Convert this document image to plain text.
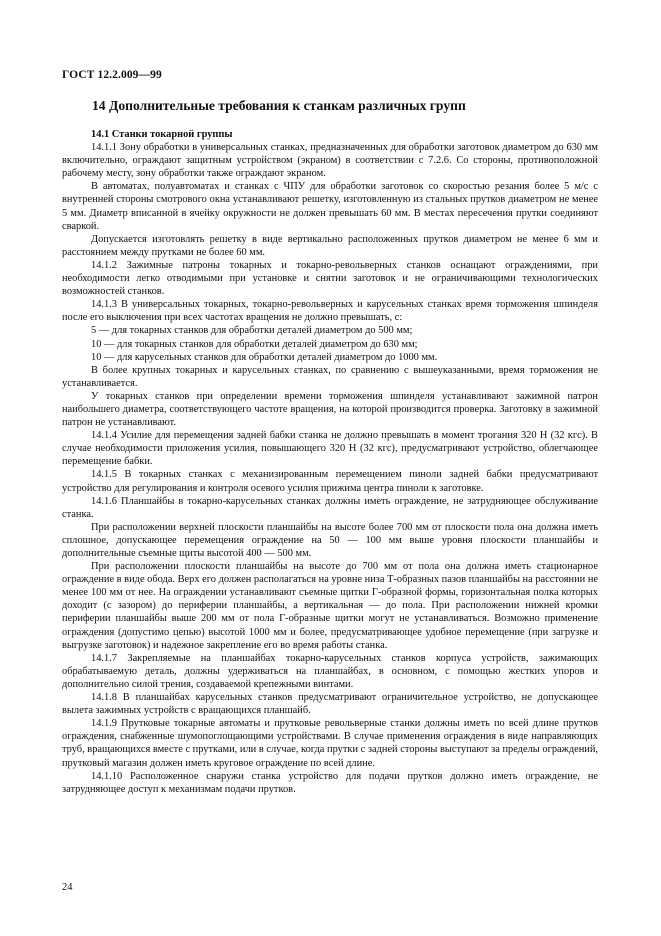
ГОСТ 12.2.009—99
14 Дополнительные требования к станкам различных групп
14.1 Станки токарной группы

14.1.1 Зону обработки в универсальных станках, предназначенных для обработки заготовок диаметром до 630 мм включительно, ограждают защитным устройством (экраном) в соответствии с 7.2.6. Со стороны, противоположной рабочему месту, зону обработки также ограждают экраном.

В автоматах, полуавтоматах и станках с ЧПУ для обработки заготовок со скоростью резания более 5 м/с с внутренней стороны смотрового окна устанавливают решетку, изготовленную из стальных прутков диаметром не менее 5 мм. Диаметр вписанной в ячейку окружности не должен превышать 60 мм. В местах пересечения прутки соединяют сваркой.

Допускается изготовлять решетку в виде вертикально расположенных прутков диаметром не менее 6 мм и расстоянием между прутками не более 60 мм.

14.1.2 Зажимные патроны токарных и токарно-револьверных станков оснащают ограждениями, при необходимости легко отводимыми при установке и снятии заготовок и не ограничивающими технологических возможностей станков.

14.1.3 В универсальных токарных, токарно-револьверных и карусельных станках время торможения шпинделя после его выключения при всех частотах вращения не должно превышать, с:

5 — для токарных станков для обработки деталей диаметром до 500 мм;

10 — для токарных станков для обработки деталей диаметром до 630 мм;

10 — для карусельных станков для обработки деталей диаметром до 1000 мм.

В более крупных токарных и карусельных станках, по сравнению с вышеуказанными, время торможения не устанавливается.

У токарных станков при определении времени торможения шпинделя устанавливают зажимной патрон наибольшего диаметра, соответствующего частоте вращения, на которой производится проверка. Заготовку в зажимной патрон не устанавливают.

14.1.4 Усилие для перемещения задней бабки станка не должно превышать в момент трогания 320 Н (32 кгс). В случае необходимости приложения усилия, повышающего 320 Н (32 кгс), предусматривают устройство, облегчающее перемещение бабки.

14.1.5 В токарных станках с механизированным перемещением пиноли задней бабки предусматривают устройство для регулирования и контроля осевого усилия прижима центра пиноли к заготовке.

14.1.6 Планшайбы в токарно-карусельных станках должны иметь ограждение, не затрудняющее обслуживание станка.

При расположении верхней плоскости планшайбы на высоте более 700 мм от плоскости пола она должна иметь сплошное, допускающее перемещения ограждение на 50 — 100 мм выше уровня плоскости планшайбы и дополнительные съемные щиты высотой 400 — 500 мм.

При расположении плоскости планшайбы на высоте до 700 мм от пола она должна иметь стационарное ограждение в виде обода. Верх его должен располагаться на уровне низа Т-образных пазов планшайбы на расстоянии не менее 100 мм от нее. На ограждении устанавливают съемные щитки Г-образной формы, горизонтальная полка которых доходит (с зазором) до периферии планшайбы, а вертикальная — до пола. При расположении нижней кромки периферии планшайбы выше 200 мм от пола Г-образные щитки могут не устанавливаться. Возможно применение ограждения (допустимо цепью) высотой 1000 мм и более, предусматривающее удобное перемещение (при загрузке и выгрузке заготовок) и надежное закрепление его во время работы станка.

14.1.7 Закрепляемые на планшайбах токарно-карусельных станков корпуса устройств, зажимающих обрабатываемую деталь, должны удерживаться на планшайбах, в основном, с помощью жестких упоров и дополнительно силой трения, создаваемой крепежными винтами.

14.1.8 В планшайбах карусельных станков предусматривают ограничительное устройство, не допускающее вылета зажимных устройств с вращающихся планшайб.

14.1.9 Прутковые токарные автоматы и прутковые револьверные станки должны иметь по всей длине прутков ограждения, снабженные шумопоглощающими устройствами. В случае применения ограждения в виде направляющих труб, вращающихся вместе с прутками, или в случае, когда прутки с задней стороны выступают за пределы ограждений, прутковый магазин должен иметь круговое ограждение по всей длине.

14.1.10 Расположенное снаружи станка устройство для подачи прутков должно иметь ограждение, не затрудняющее доступ к механизмам подачи прутков.

24
